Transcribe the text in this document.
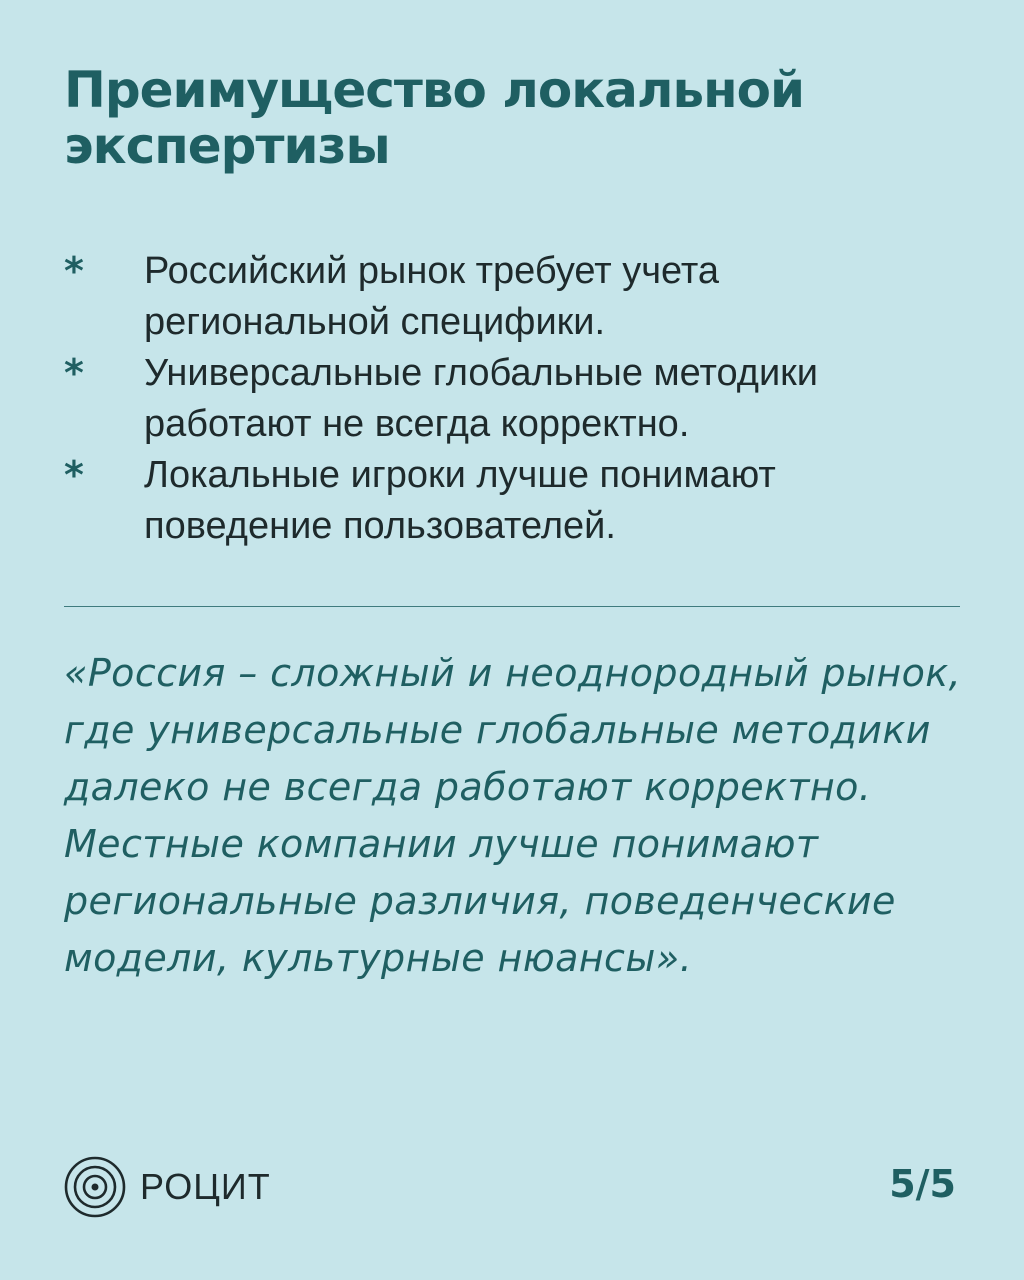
Преимущество локальной экспертизы
* Российский рынок требует учета региональной специфики.
* Универсальные глобальные методики работают не всегда корректно.
* Локальные игроки лучше понимают поведение пользователей.

«Россия – сложный и неоднородный рынок, где универсальные глобальные методики далеко не всегда работают корректно. Местные компании лучше понимают региональные различия, поведенческие модели, культурные нюансы».

РОЦИТ	5/5
